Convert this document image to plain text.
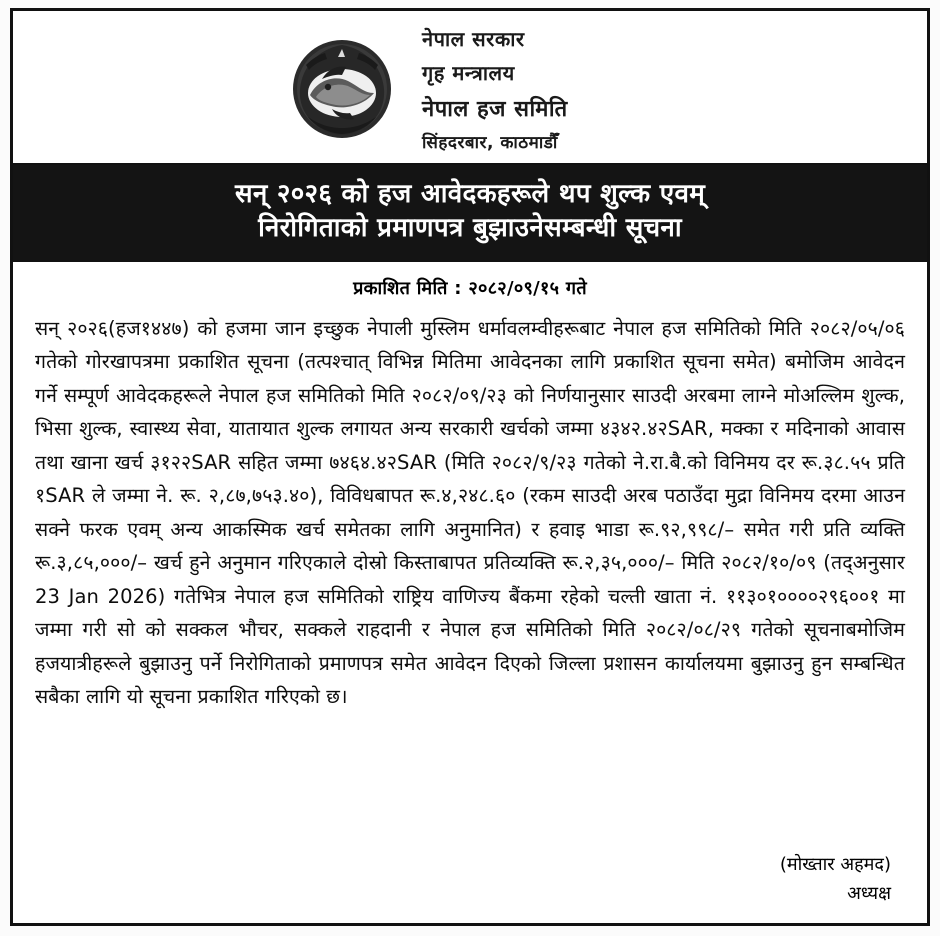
नेपाल सरकार
गृह मन्त्रालय
नेपाल हज समिति
सिंहदरबार, काठमाडौँ
सन् २०२६ को हज आवेदकहरूले थप शुल्क एवम्
निरोगिताको प्रमाणपत्र बुझाउनेसम्बन्धी सूचना
प्रकाशित मिति : २०८२/०९/१५ गते
सन् २०२६(हज१४४७) को हजमा जान इच्छुक नेपाली मुस्लिम धर्मावलम्वीहरूबाट नेपाल हज समितिको मिति २०८२/०५/०६ गतेको गोरखापत्रमा प्रकाशित सूचना (तत्पश्चात् विभिन्न मितिमा आवेदनका लागि प्रकाशित सूचना समेत) बमोजिम आवेदन गर्ने सम्पूर्ण आवेदकहरूले नेपाल हज समितिको मिति २०८२/०९/२३ को निर्णयानुसार साउदी अरबमा लाग्ने मोअल्लिम शुल्क, भिसा शुल्क, स्वास्थ्य सेवा, यातायात शुल्क लगायत अन्य सरकारी खर्चको जम्मा ४३४२.४२SAR, मक्का र मदिनाको आवास तथा खाना खर्च ३१२२SAR सहित जम्मा ७४६४.४२SAR (मिति २०८२/९/२३ गतेको ने.रा.बै.को विनिमय दर रू.३८.५५ प्रति १SAR ले जम्मा ने. रू. २,८७,७५३.४०), विविधबापत रू.४,२४८.६० (रकम साउदी अरब पठाउँदा मुद्रा विनिमय दरमा आउन सक्ने फरक एवम् अन्य आकस्मिक खर्च समेतका लागि अनुमानित) र हवाइ भाडा रू.९२,९९८/– समेत गरी प्रति व्यक्ति रू.३,८५,०००/– खर्च हुने अनुमान गरिएकाले दोस्रो किस्ताबापत प्रतिव्यक्ति रू.२,३५,०००/– मिति २०८२/१०/०९ (तद्अनुसार 23 Jan 2026) गतेभित्र नेपाल हज समितिको राष्ट्रिय वाणिज्य बैंकमा रहेको चल्ती खाता नं. ११३०१००००२९६००१ मा जम्मा गरी सो को सक्कल भौचर, सक्कले राहदानी र नेपाल हज समितिको मिति २०८२/०८/२९ गतेको सूचनाबमोजिम हजयात्रीहरूले बुझाउनु पर्ने निरोगिताको प्रमाणपत्र समेत आवेदन दिएको जिल्ला प्रशासन कार्यालयमा बुझाउनु हुन सम्बन्धित सबैका लागि यो सूचना प्रकाशित गरिएको छ।
(मोख्तार अहमद)
अध्यक्ष
